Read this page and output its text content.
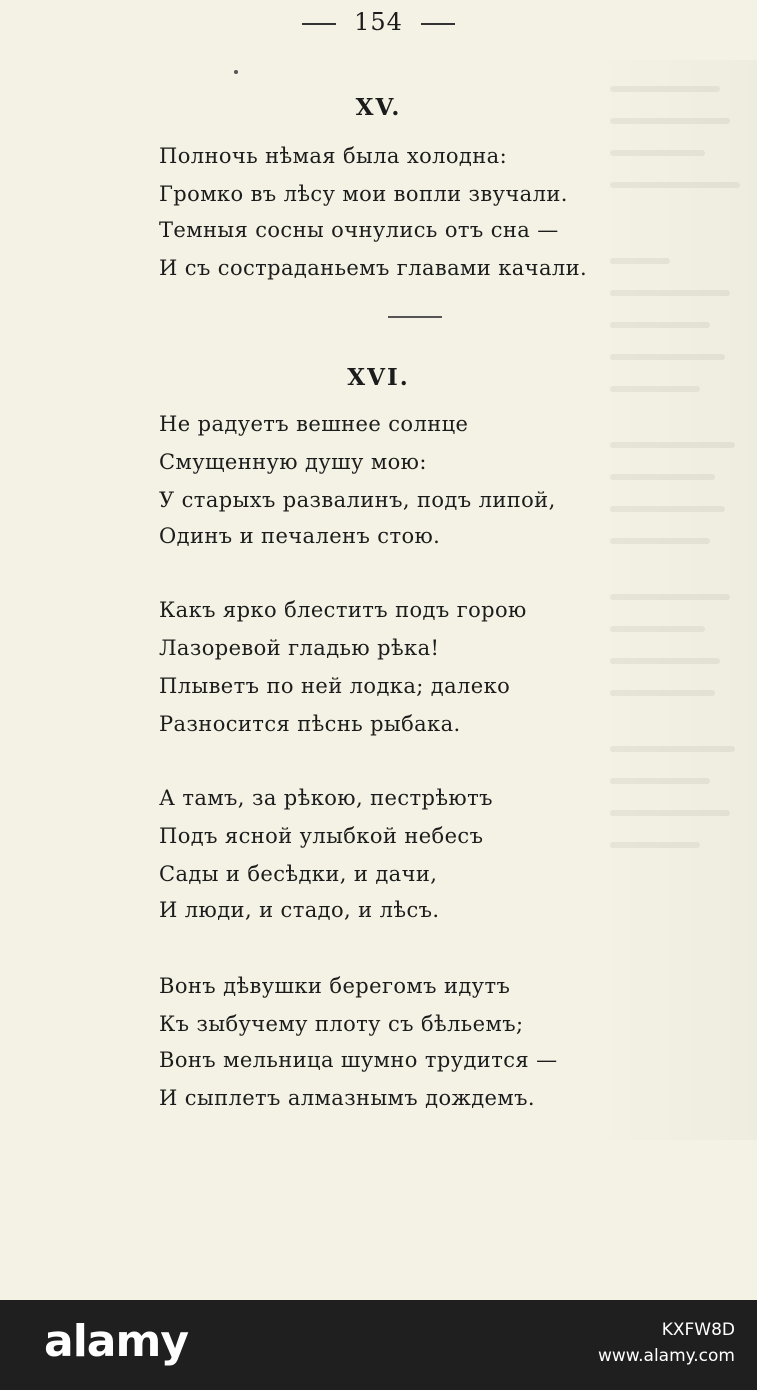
154
XV.
Полночь нѣмая была холодна:
Громко въ лѣсу мои вопли звучали.
Темныя сосны очнулись отъ сна —
И съ состраданьемъ главами качали.
XVI.
Не радуетъ вешнее солнце
Смущенную душу мою:
У старыхъ развалинъ, подъ липой,
Одинъ и печаленъ стою.
Какъ ярко блеститъ подъ горою
Лазоревой гладью рѣка!
Плыветъ по ней лодка; далеко
Разносится пѣснь рыбака.
А тамъ, за рѣкою, пестрѣютъ
Подъ ясной улыбкой небесъ
Сады и бесѣдки, и дачи,
И люди, и стадо, и лѣсъ.
Вонъ дѣвушки берегомъ идутъ
Къ зыбучему плоту съ бѣльемъ;
Вонъ мельница шумно трудится —
И сыплетъ алмазнымъ дождемъ.
alamy	KXFW8D
www.alamy.com
